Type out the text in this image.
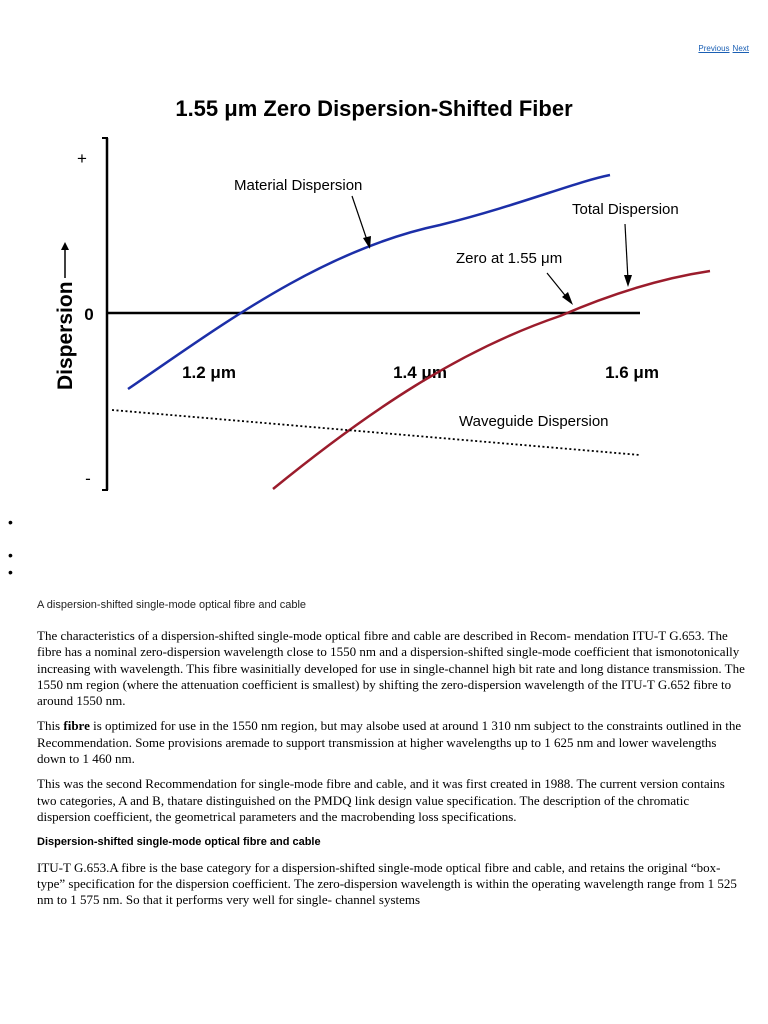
Previous Next
1.55 μm Zero Dispersion-Shifted Fiber
+
0
-
Dispersion	1.2 μm	1.4 μm	1.6 μm
Material Dispersion
Total Dispersion
Zero at 1.55 μm
Waveguide Dispersion
•
•
•
A dispersion-shifted single-mode optical fibre and cable

The characteristics of a dispersion-shifted single-mode optical fibre and cable are described in Recom- mendation ITU-T G.653. The fibre has a nominal zero-dispersion wavelength close to 1550 nm and a dispersion-shifted single-mode coefficient that ismonotonically increasing with wavelength. This fibre wasinitially developed for use in single-channel high bit rate and long distance transmission. The 1550 nm region (where the attenuation coefficient is smallest) by shifting the zero-dispersion wavelength of the ITU-T G.652 fibre to around 1550 nm.

This fibre is optimized for use in the 1550 nm region, but may alsobe used at around 1 310 nm subject to the constraints outlined in the Recommendation. Some provisions aremade to support transmission at higher wavelengths up to 1 625 nm and lower wavelengths down to 1 460 nm.

This was the second Recommendation for single-mode fibre and cable, and it was first created in 1988. The current version contains two categories, A and B, thatare distinguished on the PMDQ link design value specification. The description of the chromatic dispersion coefficient, the geometrical parameters and the macrobending loss specifications.

Dispersion-shifted single-mode optical fibre and cable

ITU-T G.653.A fibre is the base category for a dispersion-shifted single-mode optical fibre and cable, and retains the original “box-type” specification for the dispersion coefficient. The zero-dispersion wavelength is within the operating wavelength range from 1 525 nm to 1 575 nm. So that it performs very well for single- channel systems
